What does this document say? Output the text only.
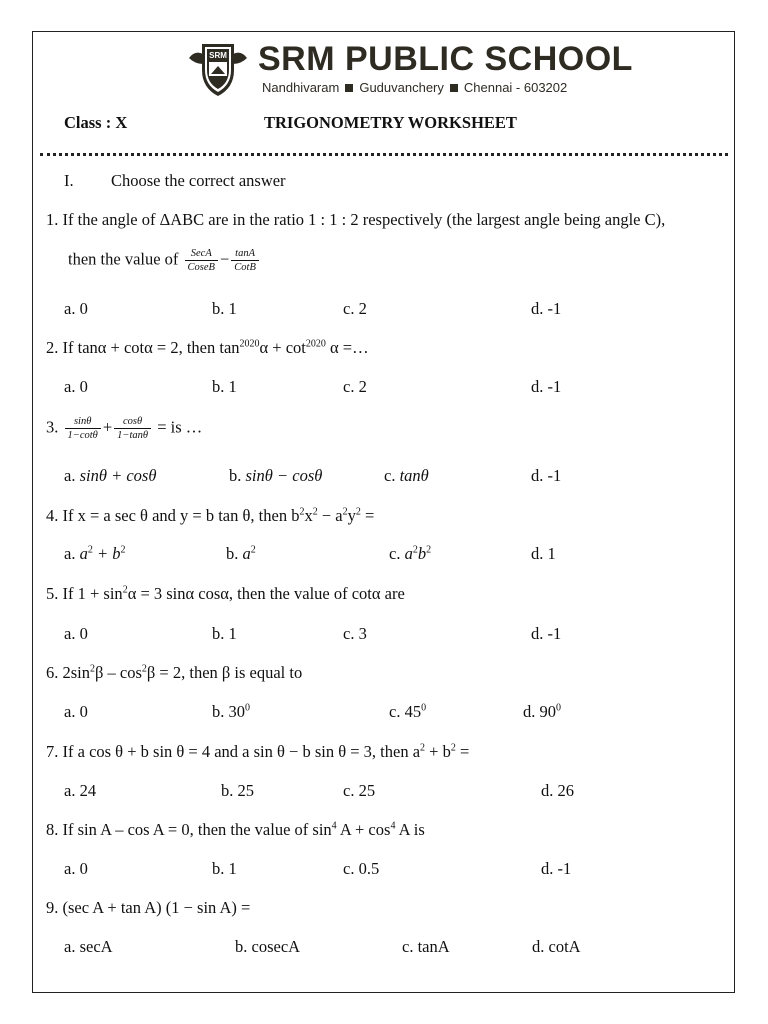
SRM SRM PUBLIC SCHOOL
Nandhivaram Guduvanchery Chennai - 603202
Class : X	TRIGONOMETRY WORKSHEET
I. Choose the correct answer
1. If the angle of ΔABC are in the ratio 1 : 1 : 2 respectively (the largest angle being angle C),
then the value of $\frac{\text{SecA}}{\text{CoseB}} - \frac{\tan A}{\text{CotB}}$
a. 0	b. 1	c. 2	d. -1
2. If tanα + cotα = 2, then $\tan^{2020}\alpha + \cot^{2020} \alpha$ =…
a. 0	b. 1	c. 2	d. -1
3. $\frac{\sin\theta}{1-\cot\theta} + \frac{\cos\theta}{1-\tan\theta}$ = is …
a. sinθ + cosθ	b. sinθ − cosθ	c. tanθ	d. -1
4. If x = a sec θ and y = b tan θ, then $b^2x^2 - a^2y^2$ =
a. $a^2 + b^2$	b. $a^2$	c. $a^2b^2$	d. 1
5. If $1 + \sin^2\alpha = 3$ sinα cosα, then the value of cotα are
a. 0	b. 1	c. 3	d. -1
6. $2\sin^2\beta - \cos^2\beta = 2$, then β is equal to
a. 0	b. $30^0$	c. $45^0$	d. $90^0$
7. If a cos θ + b sin θ = 4 and a sin θ − b sin θ = 3, then $a^2 + b^2$ =
a. 24	b. 25	c. 25	d. 26
8. If sin A – cos A = 0, then the value of $\sin^4 A + \cos^4 A$ is
a. 0	b. 1	c. 0.5	d. -1
9. (sec A + tan A) (1 − sin A) =
a. secA	b. cosecA	c. tanA	d. cotA
